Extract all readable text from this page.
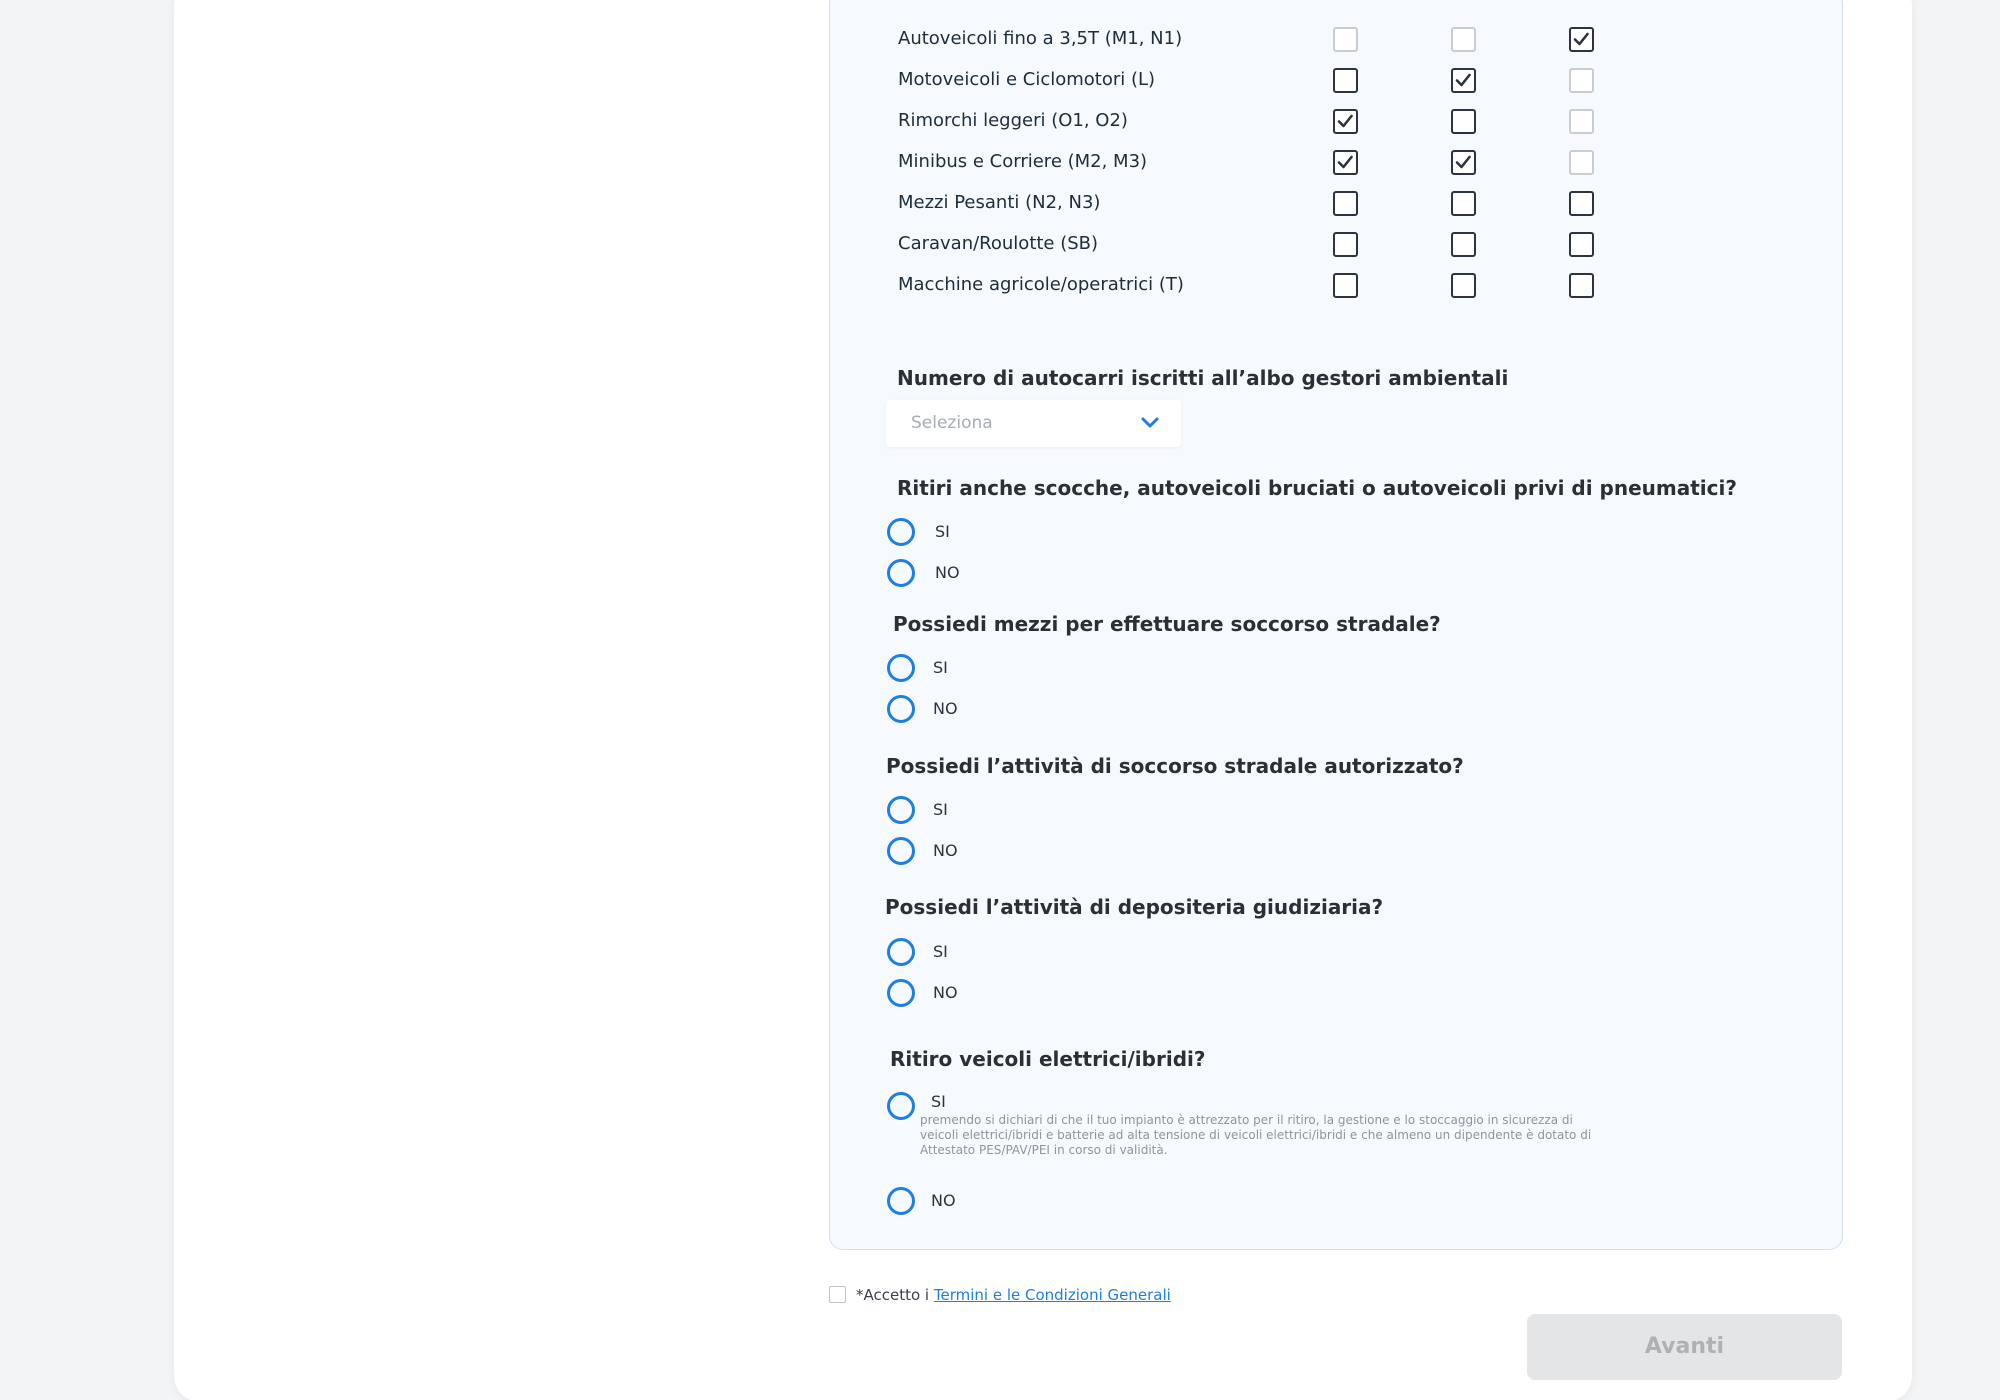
Autoveicoli fino a 3,5T (M1, N1)
Motoveicoli e Ciclomotori (L)
Rimorchi leggeri (O1, O2)
Minibus e Corriere (M2, M3)
Mezzi Pesanti (N2, N3)
Caravan/Roulotte (SB)
Macchine agricole/operatrici (T)
Numero di autocarri iscritti all’albo gestori ambientali
Seleziona
Ritiri anche scocche, autoveicoli bruciati o autoveicoli privi di pneumatici?
SI
NO
Possiedi mezzi per effettuare soccorso stradale?
SI
NO
Possiedi l’attività di soccorso stradale autorizzato?
SI
NO
Possiedi l’attività di depositeria giudiziaria?
SI
NO
Ritiro veicoli elettrici/ibridi?
SI
premendo si dichiari di che il tuo impianto è attrezzato per il ritiro, la gestione e lo stoccaggio in sicurezza di veicoli elettrici/ibridi e batterie ad alta tensione di veicoli elettrici/ibridi e che almeno un dipendente è dotato di Attestato PES/PAV/PEI in corso di validità.
NO
*Accetto i Termini e le Condizioni Generali
Avanti
